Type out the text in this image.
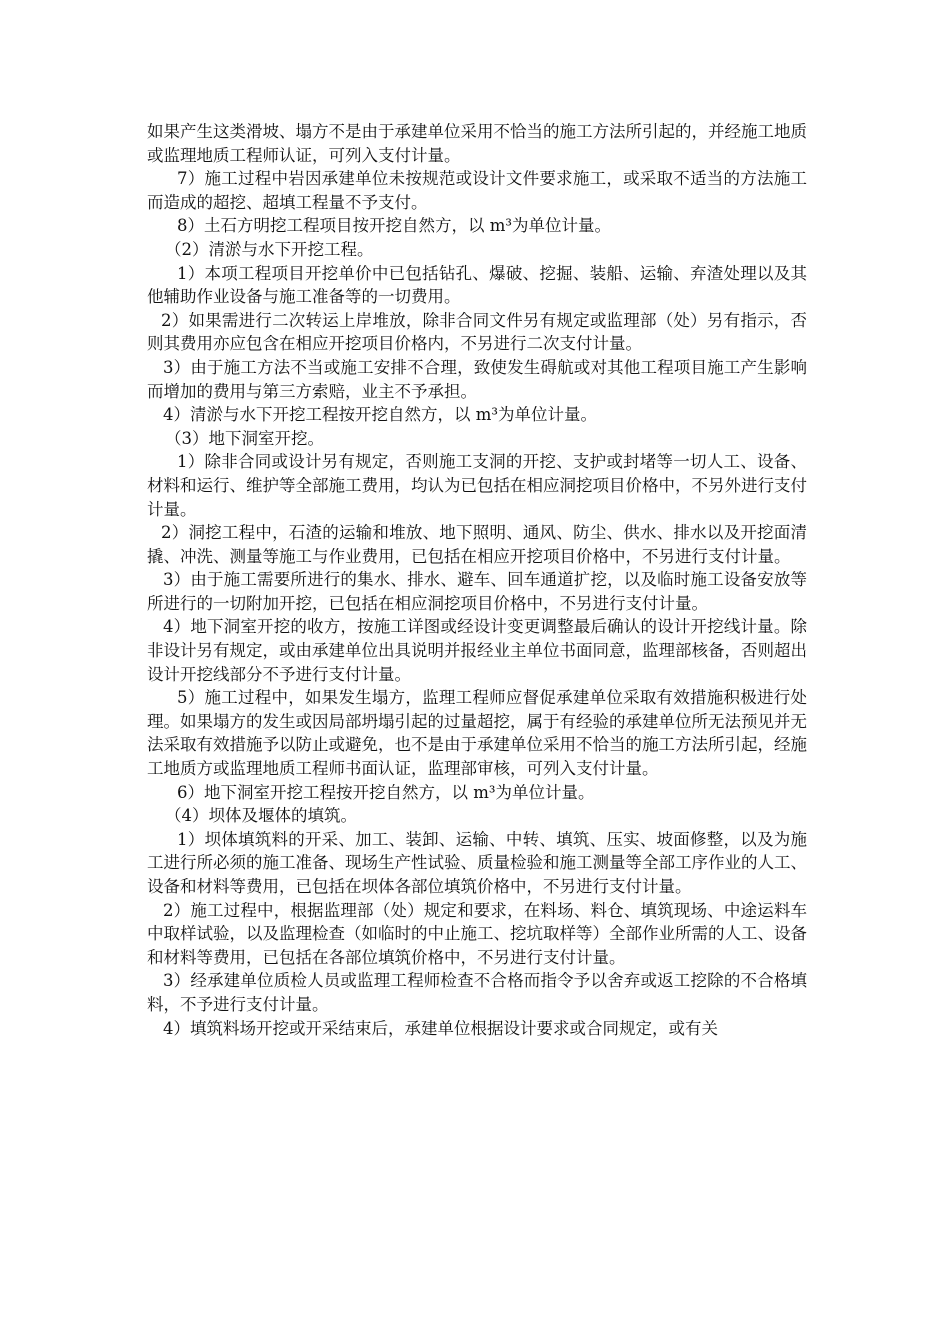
如果产生这类滑坡、塌方不是由于承建单位采用不恰当的施工方法所引起的，并经施工地质或监理地质工程师认证，可列入支付计量。

7）施工过程中岩因承建单位未按规范或设计文件要求施工，或采取不适当的方法施工而造成的超挖、超填工程量不予支付。

8）土石方明挖工程项目按开挖自然方，以 m³为单位计量。

（2）清淤与水下开挖工程。

1）本项工程项目开挖单价中已包括钻孔、爆破、挖掘、装船、运输、弃渣处理以及其他辅助作业设备与施工准备等的一切费用。

2）如果需进行二次转运上岸堆放，除非合同文件另有规定或监理部（处）另有指示，否则其费用亦应包含在相应开挖项目价格内，不另进行二次支付计量。

3）由于施工方法不当或施工安排不合理，致使发生碍航或对其他工程项目施工产生影响而增加的费用与第三方索赔，业主不予承担。

4）清淤与水下开挖工程按开挖自然方，以 m³为单位计量。

（3）地下洞室开挖。

1）除非合同或设计另有规定，否则施工支洞的开挖、支护或封堵等一切人工、设备、材料和运行、维护等全部施工费用，均认为已包括在相应洞挖项目价格中，不另外进行支付计量。

2）洞挖工程中，石渣的运输和堆放、地下照明、通风、防尘、供水、排水以及开挖面清撬、冲洗、测量等施工与作业费用，已包括在相应开挖项目价格中，不另进行支付计量。

3）由于施工需要所进行的集水、排水、避车、回车通道扩挖，以及临时施工设备安放等所进行的一切附加开挖，已包括在相应洞挖项目价格中，不另进行支付计量。

4）地下洞室开挖的收方，按施工详图或经设计变更调整最后确认的设计开挖线计量。除非设计另有规定，或由承建单位出具说明并报经业主单位书面同意，监理部核备，否则超出设计开挖线部分不予进行支付计量。

5）施工过程中，如果发生塌方，监理工程师应督促承建单位采取有效措施积极进行处理。如果塌方的发生或因局部坍塌引起的过量超挖，属于有经验的承建单位所无法预见并无法采取有效措施予以防止或避免，也不是由于承建单位采用不恰当的施工方法所引起，经施工地质方或监理地质工程师书面认证，监理部审核，可列入支付计量。

6）地下洞室开挖工程按开挖自然方，以 m³为单位计量。

（4）坝体及堰体的填筑。

1）坝体填筑料的开采、加工、装卸、运输、中转、填筑、压实、坡面修整，以及为施工进行所必须的施工准备、现场生产性试验、质量检验和施工测量等全部工序作业的人工、设备和材料等费用，已包括在坝体各部位填筑价格中，不另进行支付计量。

2）施工过程中，根据监理部（处）规定和要求，在料场、料仓、填筑现场、中途运料车中取样试验，以及监理检查（如临时的中止施工、挖坑取样等）全部作业所需的人工、设备和材料等费用，已包括在各部位填筑价格中，不另进行支付计量。

3）经承建单位质检人员或监理工程师检查不合格而指令予以舍弃或返工挖除的不合格填料，不予进行支付计量。

4）填筑料场开挖或开采结束后，承建单位根据设计要求或合同规定，或有关
